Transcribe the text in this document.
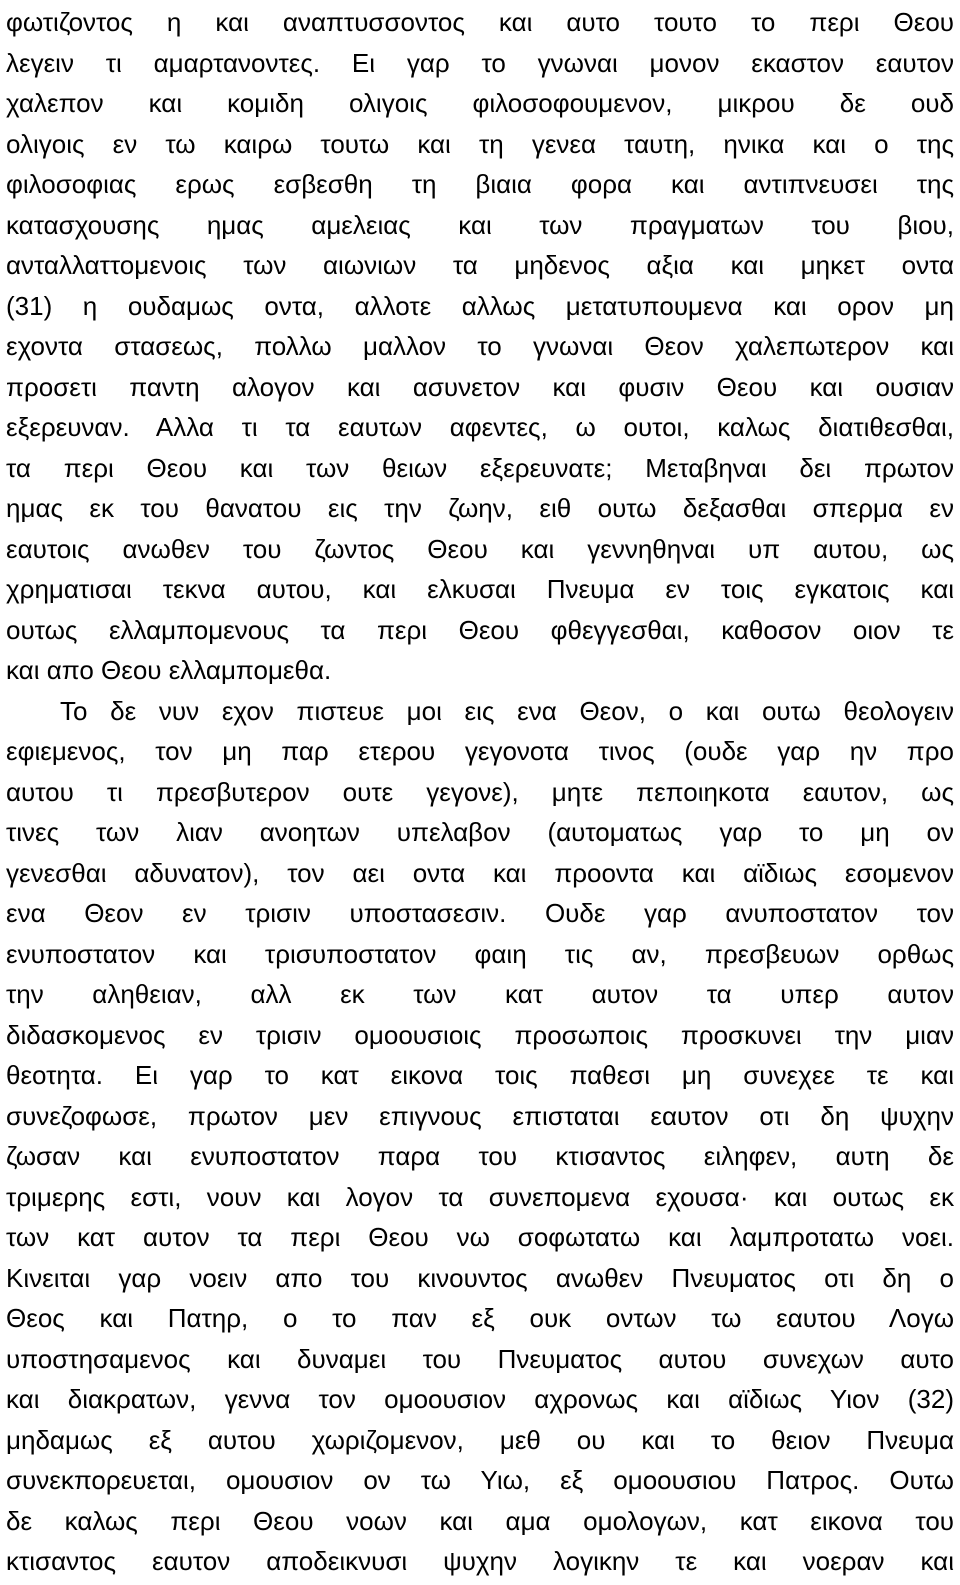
φωτιζοντος η και αναπτυσσοντος και αυτο τουτο το περι Θεου
λεγειν τι αμαρτανοντες. Ει γαρ το γνωναι μονον εκαστον εαυτον
χαλεπον και κομιδη ολιγοις φιλοσοφουμενον, μικρου δε ουδ
ολιγοις εν τω καιρω τουτω και τη γενεα ταυτη, ηνικα και ο της
φιλοσοφιας ερως εσβεσθη τη βιαια φορα και αντιπνευσει της
κατασχουσης ημας αμελειας και των πραγματων του βιου,
ανταλλαττομενοις των αιωνιων τα μηδενος αξια και μηκετ οντα
(31) η ουδαμως οντα, αλλοτε αλλως μετατυπουμενα και ορον μη
εχοντα στασεως, πολλω μαλλον το γνωναι Θεον χαλεπωτερον και
προσετι παντη αλογον και ασυνετον και φυσιν Θεου και ουσιαν
εξερευναν. Αλλα τι τα εαυτων αφεντες, ω ουτοι, καλως διατιθεσθαι,
τα περι Θεου και των θειων εξερευνατε; Μεταβηναι δει πρωτον
ημας εκ του θανατου εις την ζωην, ειθ ουτω δεξασθαι σπερμα εν
εαυτοις ανωθεν του ζωντος Θεου και γεννηθηναι υπ αυτου, ως
χρηματισαι τεκνα αυτου, και ελκυσαι Πνευμα εν τοις εγκατοις και
ουτως ελλαμπομενους τα περι Θεου φθεγγεσθαι, καθοσον οιον τε
και απο Θεου ελλαμπομεθα.
Το δε νυν εχον πιστευε μοι εις ενα Θεον, ο και ουτω θεολογειν
εφιεμενος, τον μη παρ ετερου γεγονοτα τινος (ουδε γαρ ην προ
αυτου τι πρεσβυτερον ουτε γεγονε), μητε πεποιηκοτα εαυτον, ως
τινες των λιαν ανοητων υπελαβον (αυτοματως γαρ το μη ον
γενεσθαι αδυνατον), τον αει οντα και προοντα και αϊδιως εσομενον
ενα Θεον εν τρισιν υποστασεσιν. Ουδε γαρ ανυποστατον τον
ενυποστατον και τρισυποστατον φαιη τις αν, πρεσβευων ορθως
την αληθειαν, αλλ εκ των κατ αυτον τα υπερ αυτον
διδασκομενος εν τρισιν ομοουσιοις προσωποις προσκυνει την μιαν
θεοτητα. Ει γαρ το κατ εικονα τοις παθεσι μη συνεχεε τε και
συνεζοφωσε, πρωτον μεν επιγνους επισταται εαυτον οτι δη ψυχην
ζωσαν και ενυποστατον παρα του κτισαντος ειληφεν, αυτη δε
τριμερης εστι, νουν και λογον τα συνεπομενα εχουσα· και ουτως εκ
των κατ αυτον τα περι Θεου νω σοφωτατω και λαμπροτατω νοει.
Κινειται γαρ νοειν απο του κινουντος ανωθεν Πνευματος οτι δη ο
Θεος και Πατηρ, ο το παν εξ ουκ οντων τω εαυτου Λογω
υποστησαμενος και δυναμει του Πνευματος αυτου συνεχων αυτο
και διακρατων, γεννα τον ομοουσιον αχρονως και αϊδιως Υιον (32)
μηδαμως εξ αυτου χωριζομενον, μεθ ου και το θειον Πνευμα
συνεκπορευεται, ομουσιον ον τω Υιω, εξ ομοουσιου Πατρος. Ουτω
δε καλως περι Θεου νοων και αμα ομολογων, κατ εικονα του
κτισαντος εαυτον αποδεικνυσι ψυχην λογικην τε και νοεραν και
